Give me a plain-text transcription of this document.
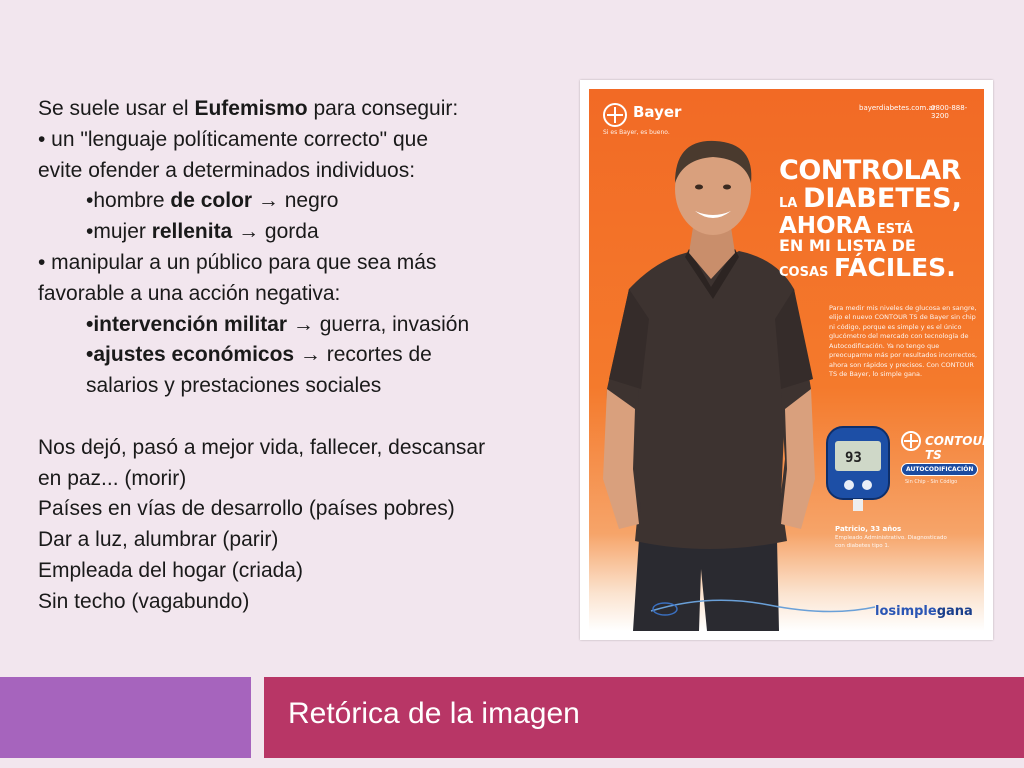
Se suele usar el Eufemismo para conseguir:
• un "lenguaje políticamente correcto" que
evite ofender a determinados individuos:
•hombre de color → negro
•mujer rellenita → gorda
• manipular a un público para que sea más
favorable a una acción negativa:
•intervención militar → guerra, invasión
•ajustes económicos → recortes de
salarios y prestaciones sociales
Nos dejó, pasó a mejor vida, fallecer, descansar
en paz... (morir)
Países en vías de desarrollo (países pobres)
Dar a luz, alumbrar (parir)
Empleada del hogar (criada)
Sin techo (vagabundo)
Bayer
Si es Bayer, es bueno.
bayerdiabetes.com.ar
0800-888-3200
CONTROLAR
LA DIABETES,
AHORA ESTÁ
EN MI LISTA DE
COSAS FÁCILES.
Para medir mis niveles de glucosa en sangre, elijo el nuevo CONTOUR TS de Bayer sin chip ni código, porque es simple y es el único glucómetro del mercado con tecnología de Autocodificación. Ya no tengo que preocuparme más por resultados incorrectos, ahora son rápidos y precisos. Con CONTOUR TS de Bayer, lo simple gana.
93
CONTOUR TS
AUTOCODIFICACIÓN
Sin Chip - Sin Código
Patricio, 33 años
Empleado Administrativo. Diagnosticado con diabetes tipo 1.
losimplegana
Retórica de la imagen
